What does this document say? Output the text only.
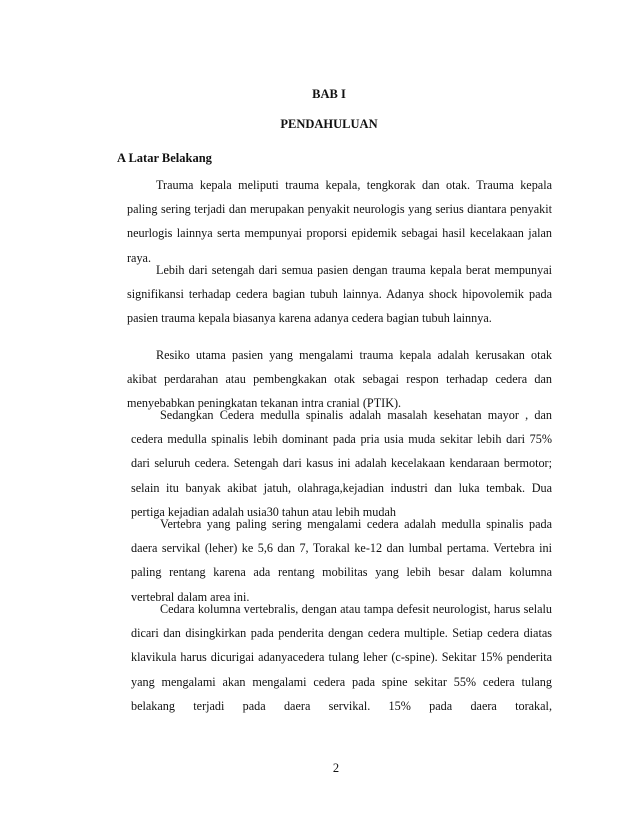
BAB I
PENDAHULUAN
A Latar Belakang

Trauma kepala meliputi trauma kepala, tengkorak dan otak. Trauma kepala paling sering terjadi dan merupakan penyakit neurologis yang serius diantara penyakit neurlogis lainnya serta mempunyai proporsi epidemik sebagai hasil kecelakaan jalan raya.

Lebih dari setengah dari semua pasien dengan trauma kepala berat mempunyai signifikansi terhadap cedera bagian tubuh lainnya. Adanya shock hipovolemik pada pasien trauma kepala biasanya karena adanya cedera bagian tubuh lainnya.

Resiko utama pasien yang mengalami trauma kepala adalah kerusakan otak akibat perdarahan atau pembengkakan otak sebagai respon terhadap cedera dan menyebabkan peningkatan tekanan intra cranial (PTIK).

Sedangkan Cedera medulla spinalis adalah masalah kesehatan mayor , dan cedera medulla spinalis lebih dominant pada pria usia muda sekitar lebih dari 75% dari seluruh cedera. Setengah dari kasus ini adalah kecelakaan kendaraan bermotor; selain itu banyak akibat jatuh, olahraga,kejadian industri dan luka tembak. Dua pertiga kejadian adalah usia30 tahun atau lebih mudah

Vertebra yang paling sering mengalami cedera adalah medulla spinalis pada daera servikal (leher) ke 5,6 dan 7, Torakal ke-12 dan lumbal pertama. Vertebra ini paling rentang karena ada rentang mobilitas yang lebih besar dalam kolumna vertebral dalam area ini.

Cedara kolumna vertebralis, dengan atau tampa defesit neurologist, harus selalu dicari dan disingkirkan pada penderita dengan cedera multiple. Setiap cedera diatas klavikula harus dicurigai adanyacedera tulang leher (c-spine). Sekitar 15% penderita yang mengalami akan mengalami cedera pada spine sekitar 55% cedera tulang belakang terjadi pada daera servikal. 15% pada daera torakal,

2
